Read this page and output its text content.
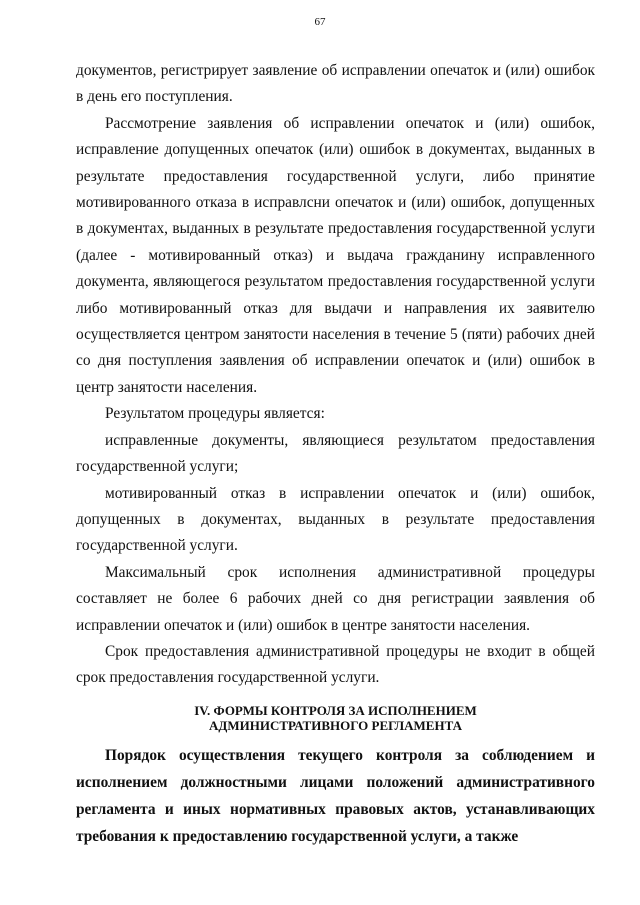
67

документов, регистрирует заявление об исправлении опечаток и (или) ошибок в день его поступления.

Рассмотрение заявления об исправлении опечаток и (или) ошибок, исправление допущенных опечаток (или) ошибок в документах, выданных в результате предоставления государственной услуги, либо принятие мотивированного отказа в исправлсни опечаток и (или) ошибок, допущенных в документах, выданных в результате предоставления государственной услуги (далее - мотивированный отказ) и выдача гражданину исправленного документа, являющегося результатом предоставления государственной услуги либо мотивированный отказ для выдачи и направления их заявителю осуществляется центром занятости населения в течение 5 (пяти) рабочих дней со дня поступления заявления об исправлении опечаток и (или) ошибок в центр занятости населения.

Результатом процедуры является:

исправленные документы, являющиеся результатом предоставления государственной услуги;

мотивированный отказ в исправлении опечаток и (или) ошибок, допущенных в документах, выданных в результате предоставления государственной услуги.

Максимальный срок исполнения административной процедуры составляет не более 6 рабочих дней со дня регистрации заявления об исправлении опечаток и (или) ошибок в центре занятости населения.

Срок предоставления административной процедуры не входит в общей срок предоставления государственной услуги.

IV. ФОРМЫ КОНТРОЛЯ ЗА ИСПОЛНЕНИЕМ
АДМИНИСТРАТИВНОГО РЕГЛАМЕНТА

Порядок осуществления текущего контроля за соблюдением и исполнением должностными лицами положений административного регламента и иных нормативных правовых актов, устанавливающих требования к предоставлению государственной услуги, а также
